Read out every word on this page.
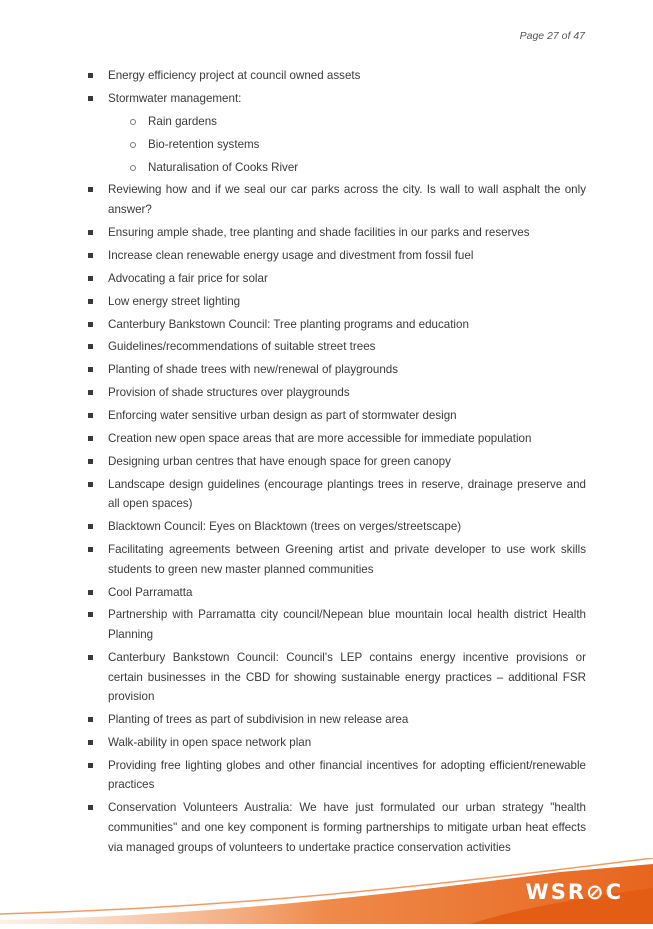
Page 27 of 47
Energy efficiency project at council owned assets
Stormwater management:
Rain gardens
Bio-retention systems
Naturalisation of Cooks River
Reviewing how and if we seal our car parks across the city. Is wall to wall asphalt the only answer?
Ensuring ample shade, tree planting and shade facilities in our parks and reserves
Increase clean renewable energy usage and divestment from fossil fuel
Advocating a fair price for solar
Low energy street lighting
Canterbury Bankstown Council: Tree planting programs and education
Guidelines/recommendations of suitable street trees
Planting of shade trees with new/renewal of playgrounds
Provision of shade structures over playgrounds
Enforcing water sensitive urban design as part of stormwater design
Creation new open space areas that are more accessible for immediate population
Designing urban centres that have enough space for green canopy
Landscape design guidelines (encourage plantings trees in reserve, drainage preserve and all open spaces)
Blacktown Council: Eyes on Blacktown (trees on verges/streetscape)
Facilitating agreements between Greening artist and private developer to use work skills students to green new master planned communities
Cool Parramatta
Partnership with Parramatta city council/Nepean blue mountain local health district Health Planning
Canterbury Bankstown Council: Council's LEP contains energy incentive provisions or certain businesses in the CBD for showing sustainable energy practices – additional FSR provision
Planting of trees as part of subdivision in new release area
Walk-ability in open space network plan
Providing free lighting globes and other financial incentives for adopting efficient/renewable practices
Conservation Volunteers Australia: We have just formulated our urban strategy "health communities" and one key component is forming partnerships to mitigate urban heat effects via managed groups of volunteers to undertake practice conservation activities
WSR⊘C
